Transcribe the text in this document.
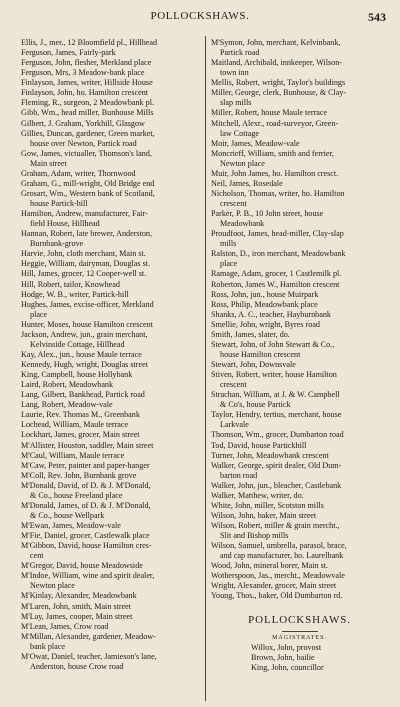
POLLOCKSHAWS.	543
Ellis, J., mer., 12 Bloomfield pl., Hillhead
Ferguson, James, Fairly-park
Ferguson, John, flesher, Merkland place
Ferguson, Mrs, 3 Meadow-bank place
Finlayson, James, writer, Hillside House
Finlayson, John, ho. Hamilton crescent
Fleming, R., surgeon, 2 Meadowbank pl.
Gibb, Wm., head miller, Bunhouse Mills
Gilbert, J. Graham, Yorkhill, Glasgow
Gillies, Duncan, gardener, Green market,
house over Newton, Partick road
Gow, James, victualler, Thomson's land,
Main street
Graham, Adam, writer, Thornwood
Graham, G., mill-wright, Old Bridge end
Grosart, Wm., Western bank of Scotland,
house Partick-hill
Hamilton, Andrew, manufacturer, Fair-
field House, Hillhead
Hannan, Robert, late brewer, Anderston,
Burnbank-grove
Harvie, John, cloth merchant, Main st.
Heggie, William, dairyman, Douglas st.
Hill, James, grocer, 12 Cooper-well st.
Hill, Robert, tailor, Knowhead
Hodge, W. B., writer, Partick-hill
Hughes, James, excise-officer, Merkland
place
Hunter, Moses, house Hamilton crescent
Jackson, Andrew, jun., grain merchant,
Kelvinside Cottage, Hillhead
Kay, Alex., jun., house Maule terrace
Kennedy, Hugh, wright, Douglas street
King, Campbell, house Hollybank
Laird, Robert, Meadowbank
Lang, Gilbert, Bankhead, Partick road
Lang, Robert, Meadow-vale
Laurie, Rev. Thomas M., Greenbank
Lochead, William, Maule terrace
Lockhart, James, grocer, Main street
M'Allister, Houston, saddler, Main street
M'Caul, William, Maule terrace
M'Caw, Peter, painter and paper-hanger
M'Coll, Rev. John, Burnbank grove
M'Donald, David, of D. & J. M'Donald,
& Co., house Freeland place
M'Donald, James, of D. & J. M'Donald,
& Co., house Wellpark
M'Ewan, James, Meadow-vale
M'Fie, Daniel, grocer, Castlewalk place
M'Gibbon, David, house Hamilton cres-
cent
M'Gregor, David, house Meadowside
M'Indoe, William, wine and spirit dealer,
Newton place
M'Kinlay, Alexander, Meadowbank
M'Laren, John, smith, Main street
M'Lay, James, cooper, Main street
M'Lean, James, Crow road
M'Millan, Alexander, gardener, Meadow-
bank place
M'Owat, Daniel, teacher, Jamieson's lane,
Anderston, house Crow road
M'Symon, John, merchant, Kelvinbank,
Partick road
Maitland, Archibald, innkeeper, Wilson-
town inn
Mellis, Robert, wright, Taylor's buildings
Miller, George, clerk, Bunhouse, & Clay-
slap mills
Miller, Robert, house Maule terrace
Mitchell, Alexr., road-surveyor, Green-
law Cottage
Moir, James, Meadow-vale
Moncrieff, William, smith and ferrier,
Newton place
Muir, John James, ho. Hamilton cresct.
Neil, James, Rosedale
Nicholson, Thomas, writer, ho. Hamilton
crescent
Parker, P. B., 10 John street, house
Meadowbank
Proudfoot, James, head-miller, Clay-slap
mills
Ralston, D., iron merchant, Meadowbank
place
Ramage, Adam, grocer, 1 Castlemilk pl.
Roberton, James W., Hamilton crescent
Ross, John, jun., house Muirpark
Ross, Philip, Meadowbank place
Shanks, A. C., teacher, Hayburnbank
Smellie, John, wright, Byres road
Smith, James, slater, do.
Stewart, John, of John Stewart & Co.,
house Hamilton crescent
Stewart, John, Downsvale
Stiven, Robert, writer, house Hamilton
crescent
Strachan, William, at J. & W. Campbell
& Co's, house Partick
Taylor, Hendry, tertius, merchant, house
Larkvale
Thomson, Wm., grocer, Dumbarton road
Tod, David, house Partickhill
Turner, John, Meadowbank crescent
Walker, George, spirit dealer, Old Dum-
barton road
Walker, John, jun., bleacher, Castlebank
Walker, Matthew, writer, do.
White, John, miller, Scotston mills
Wilson, John, baker, Main street
Wilson, Robert, miller & grain mercht.,
Slit and Bishop mills
Wilson, Samuel, umbrella, parasol, brace,
and cap manufacturer, ho. Laurelbank
Wood, John, mineral borer, Main st.
Wotherspoon, Jas., mercht., Meadowvale
Wright, Alexander, grocer, Main street
Young, Thos., baker, Old Dumbarton rd.
POLLOCKSHAWS.
MAGISTRATES.
Willox, John, provost
Brown, John, bailie
King, John, councillor
